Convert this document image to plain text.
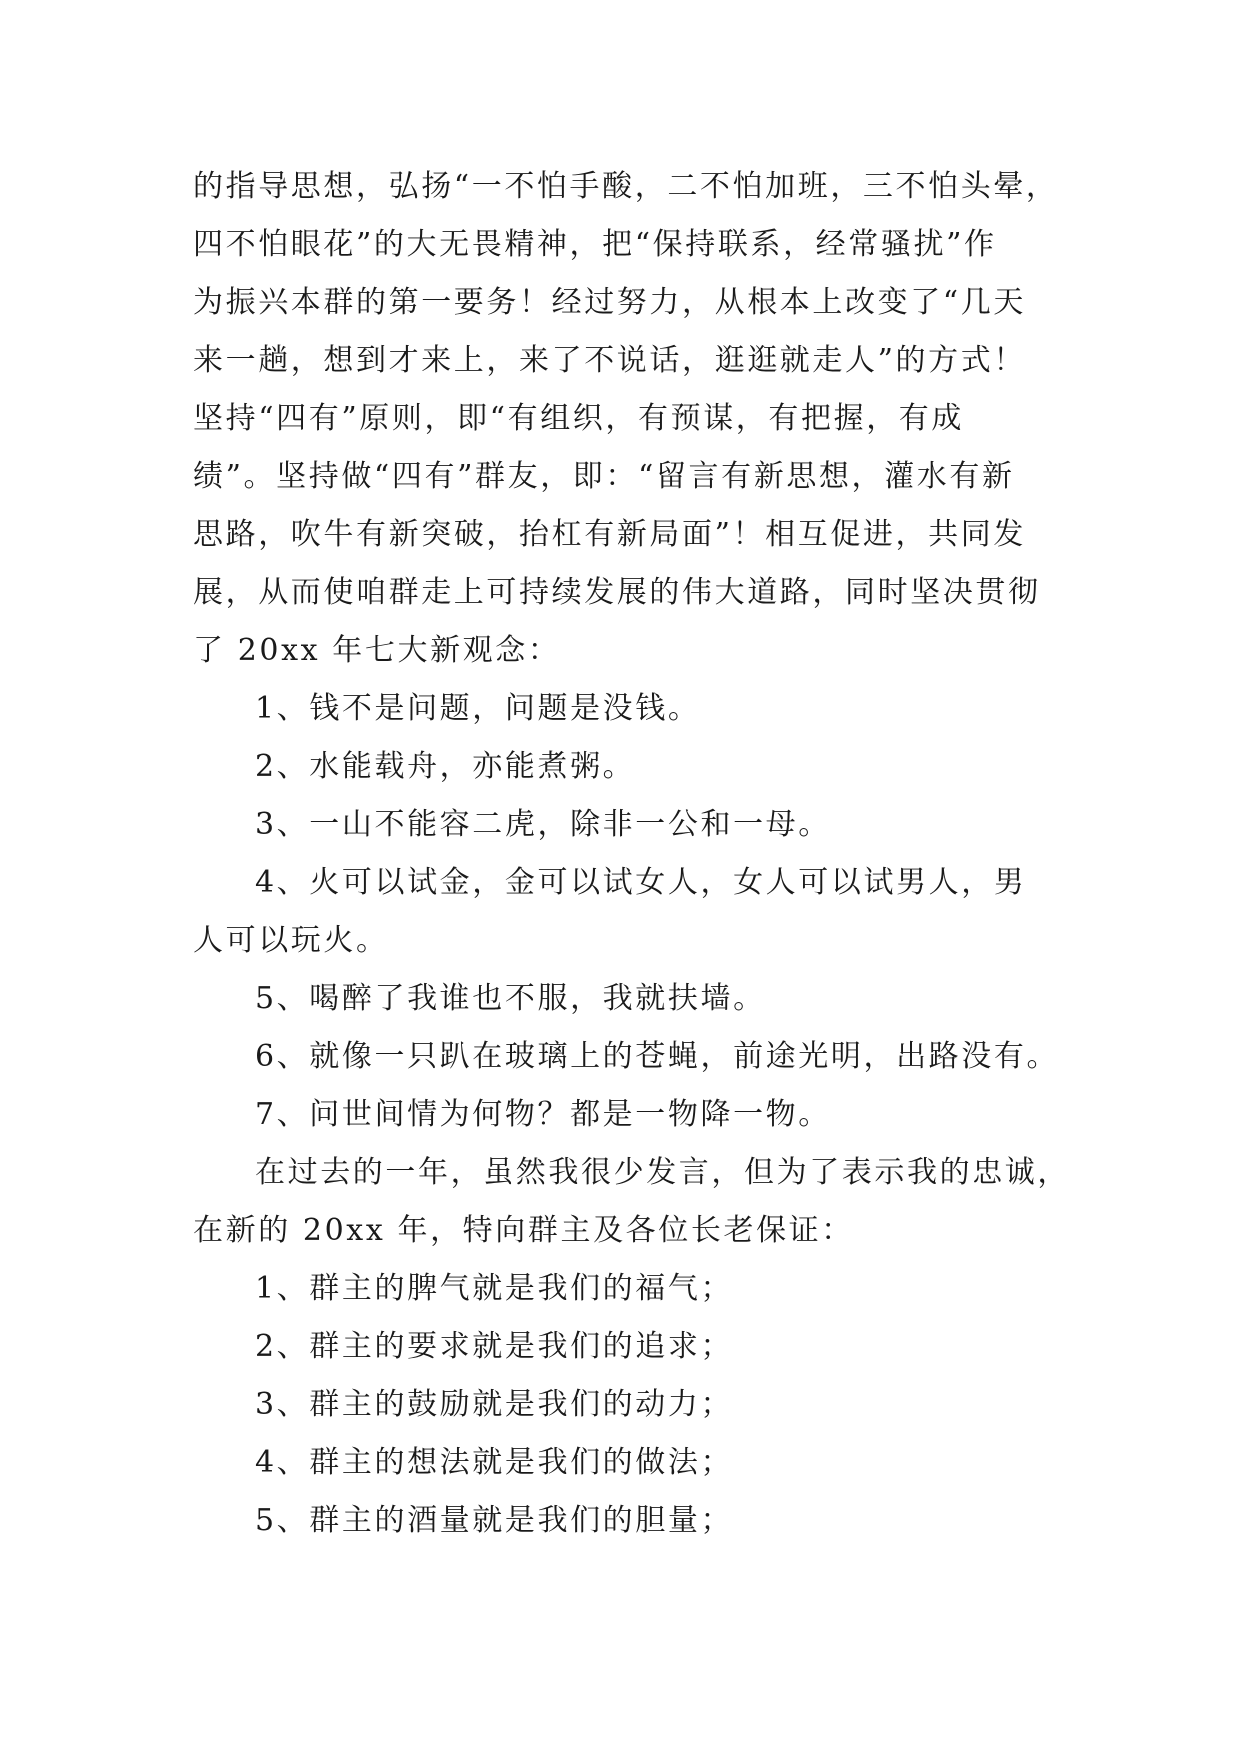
的指导思想，弘扬“一不怕手酸，二不怕加班，三不怕头晕，
四不怕眼花”的大无畏精神，把“保持联系，经常骚扰”作
为振兴本群的第一要务！经过努力，从根本上改变了“几天
来一趟，想到才来上，来了不说话，逛逛就走人”的方式！
坚持“四有”原则，即“有组织，有预谋，有把握，有成
绩”。坚持做“四有”群友，即：“留言有新思想，灌水有新
思路，吹牛有新突破，抬杠有新局面”！相互促进，共同发
展，从而使咱群走上可持续发展的伟大道路，同时坚决贯彻
了 20xx 年七大新观念：
1、钱不是问题，问题是没钱。
2、水能载舟，亦能煮粥。
3、一山不能容二虎，除非一公和一母。
4、火可以试金，金可以试女人，女人可以试男人，男
人可以玩火。
5、喝醉了我谁也不服，我就扶墙。
6、就像一只趴在玻璃上的苍蝇，前途光明，出路没有。
7、问世间情为何物？都是一物降一物。
在过去的一年，虽然我很少发言，但为了表示我的忠诚，
在新的 20xx 年，特向群主及各位长老保证：
1、群主的脾气就是我们的福气；
2、群主的要求就是我们的追求；
3、群主的鼓励就是我们的动力；
4、群主的想法就是我们的做法；
5、群主的酒量就是我们的胆量；
